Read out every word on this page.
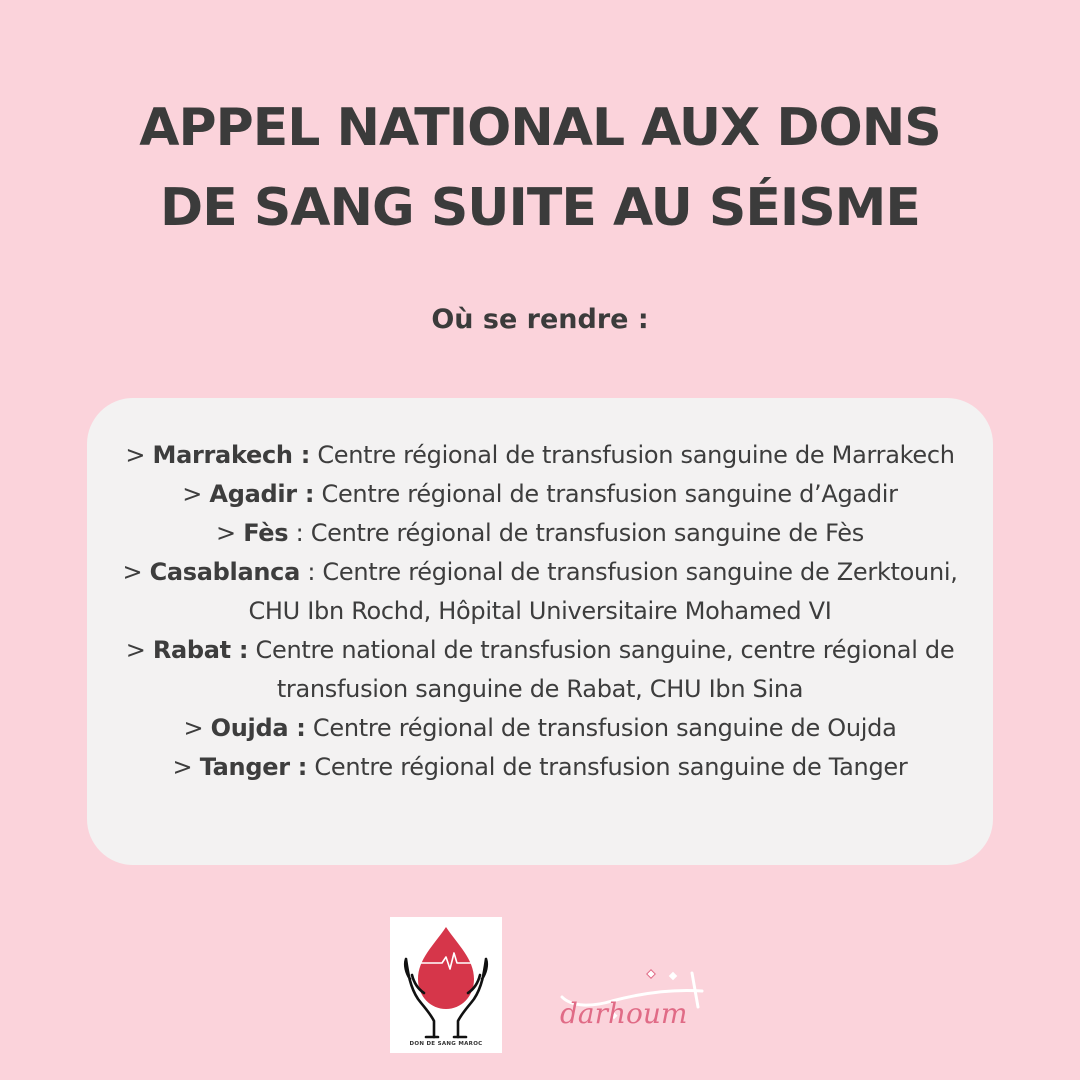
APPEL NATIONAL AUX DONS
DE SANG SUITE AU SÉISME
Où se rendre :
> Marrakech : Centre régional de transfusion sanguine de Marrakech
> Agadir : Centre régional de transfusion sanguine d’Agadir
> Fès : Centre régional de transfusion sanguine de Fès
> Casablanca : Centre régional de transfusion sanguine de Zerktouni, CHU Ibn Rochd, Hôpital Universitaire Mohamed VI
> Rabat : Centre national de transfusion sanguine, centre régional de transfusion sanguine de Rabat, CHU Ibn Sina
> Oujda : Centre régional de transfusion sanguine de Oujda
> Tanger : Centre régional de transfusion sanguine de Tanger
DON DE SANG MAROC
darhoum
